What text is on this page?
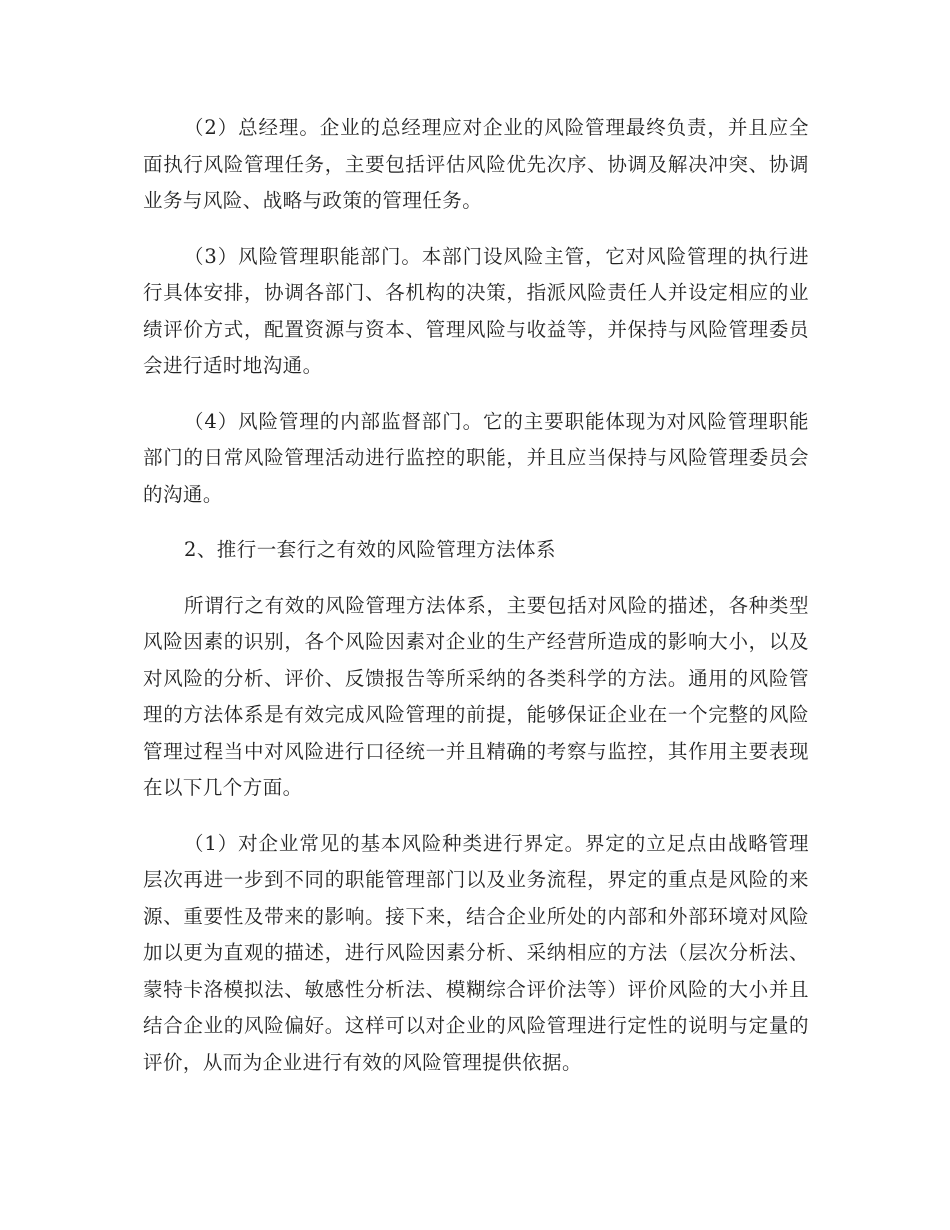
（2）总经理。企业的总经理应对企业的风险管理最终负责，并且应全面执行风险管理任务，主要包括评估风险优先次序、协调及解决冲突、协调业务与风险、战略与政策的管理任务。

（3）风险管理职能部门。本部门设风险主管，它对风险管理的执行进行具体安排，协调各部门、各机构的决策，指派风险责任人并设定相应的业绩评价方式，配置资源与资本、管理风险与收益等，并保持与风险管理委员会进行适时地沟通。

（4）风险管理的内部监督部门。它的主要职能体现为对风险管理职能部门的日常风险管理活动进行监控的职能，并且应当保持与风险管理委员会的沟通。

2、推行一套行之有效的风险管理方法体系

所谓行之有效的风险管理方法体系，主要包括对风险的描述，各种类型风险因素的识别，各个风险因素对企业的生产经营所造成的影响大小，以及对风险的分析、评价、反馈报告等所采纳的各类科学的方法。通用的风险管理的方法体系是有效完成风险管理的前提，能够保证企业在一个完整的风险管理过程当中对风险进行口径统一并且精确的考察与监控，其作用主要表现在以下几个方面。

（1）对企业常见的基本风险种类进行界定。界定的立足点由战略管理层次再进一步到不同的职能管理部门以及业务流程，界定的重点是风险的来源、重要性及带来的影响。接下来，结合企业所处的内部和外部环境对风险加以更为直观的描述，进行风险因素分析、采纳相应的方法（层次分析法、蒙特卡洛模拟法、敏感性分析法、模糊综合评价法等）评价风险的大小并且结合企业的风险偏好。这样可以对企业的风险管理进行定性的说明与定量的评价，从而为企业进行有效的风险管理提供依据。
